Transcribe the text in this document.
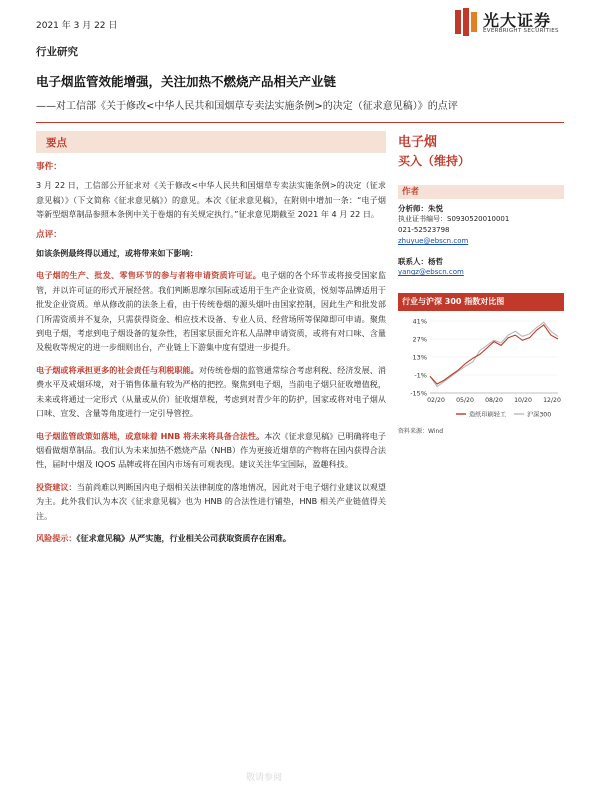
2021 年 3 月 22 日	光大证券
EVERBRIGHT SECURITIES
行业研究
电子烟监管效能增强，关注加热不燃烧产品相关产业链
——对工信部《关于修改<中华人民共和国烟草专卖法实施条例>的决定（征求意见稿）》的点评
要点
事件：
3 月 22 日，工信部公开征求对《关于修改<中华人民共和国烟草专卖法实施条例>的决定（征求意见稿）》（下文简称《征求意见稿》）的意见。本次《征求意见稿》，在附则中增加一条：“电子烟等新型烟草制品参照本条例中关于卷烟的有关规定执行。”征求意见期截至 2021 年 4 月 22 日。
点评：
如该条例最终得以通过，或将带来如下影响：
电子烟的生产、批发、零售环节的参与者将申请资质许可证。电子烟的各个环节或将接受国家监管，并以许可证的形式开展经营。我们判断思摩尔国际或适用于生产企业资质，悦刻等品牌适用于批发企业资质。单从修改前的法条上看，由于传统卷烟的源头烟叶由国家控制，因此生产和批发部门所需资质并不复杂，只需获得资金、相应技术设备、专业人员、经营场所等保障即可申请。聚焦到电子烟，考虑到电子烟设备的复杂性，若国家层面允许私人品牌申请资质，或将有对口味、含量及税收等规定的进一步细则出台，产业链上下游集中度有望进一步提升。
电子烟或将承担更多的社会责任与利税职能。对传统卷烟的监管通常综合考虑利税、经济发展、消费水平及戒烟环境，对于销售体量有较为严格的把控。聚焦到电子烟，当前电子烟只征收增值税，未来或将通过一定形式（从量或从价）征收烟草税，考虑到对青少年的防护，国家或将对电子烟从口味、宣发、含量等角度进行一定引导管控。
电子烟监管政策如落地，或意味着 HNB 将未来将具备合法性。本次《征求意见稿》已明确将电子烟看做烟草制品。我们认为未来加热不燃烧产品（NHB）作为更接近烟草的产物将在国内获得合法性，届时中烟及 IQOS 品牌或将在国内市场有可观表现。建议关注华宝国际，盈趣科技。
投资建议：当前尚难以判断国内电子烟相关法律制度的落地情况，因此对于电子烟行业建议以观望为主。此外我们认为本次《征求意见稿》也为 HNB 的合法性进行铺垫，HNB 相关产业链值得关注。
风险提示：《征求意见稿》从严实施，行业相关公司获取资质存在困难。
电子烟
买入（维持）
作者
分析师：朱悦
执业证书编号：S0930520010001
021-52523798
zhuyue@ebscn.com
联系人：杨哲
yangz@ebscn.com
行业与沪深 300 指数对比图
41%
27%
13%
-1%
-15%
02/20 05/20 08/20 10/20 12/20
造纸印刷轻工	沪深300
资料来源：Wind
敬请参阅
